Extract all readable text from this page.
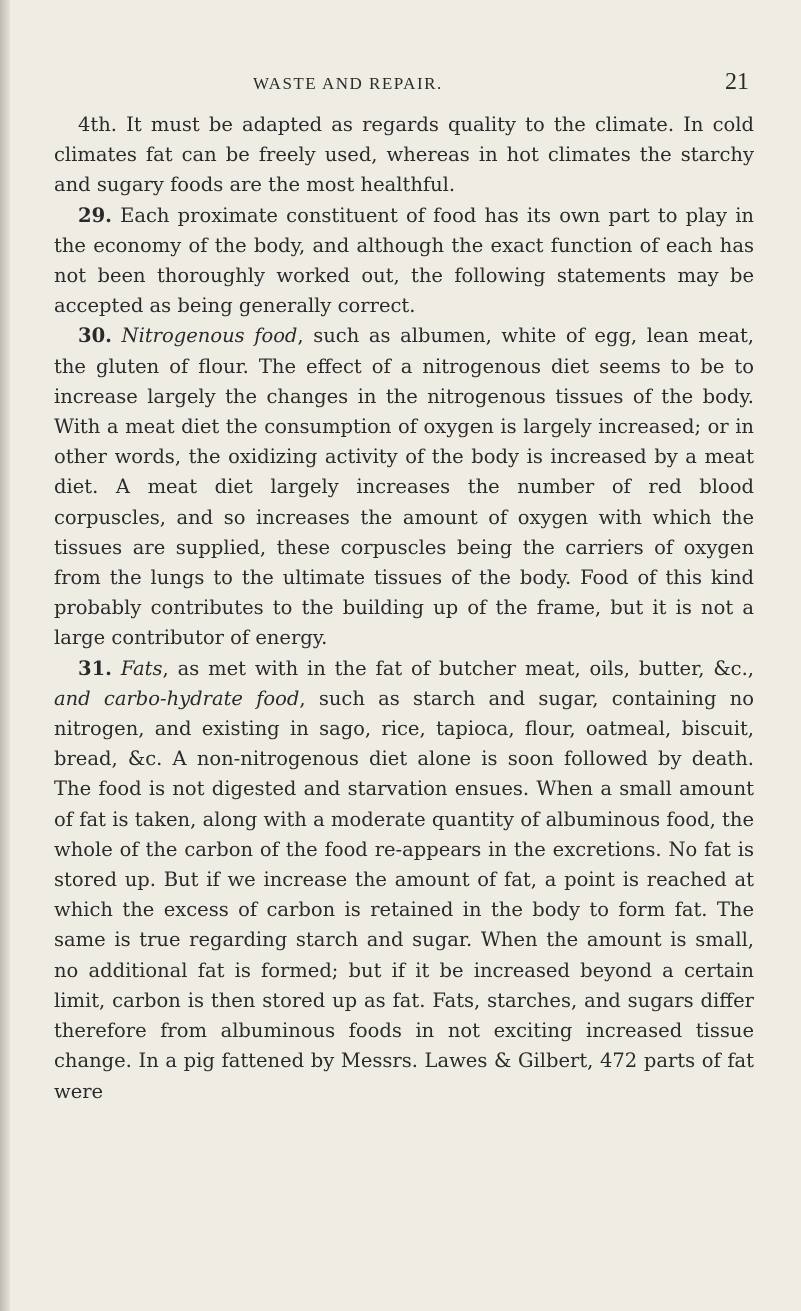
WASTE AND REPAIR.	21

4th. It must be adapted as regards quality to the climate. In cold climates fat can be freely used, whereas in hot climates the starchy and sugary foods are the most healthful.

29. Each proximate constituent of food has its own part to play in the economy of the body, and although the exact function of each has not been thoroughly worked out, the following statements may be accepted as being generally correct.

30. Nitrogenous food, such as albumen, white of egg, lean meat, the gluten of flour. The effect of a nitrogenous diet seems to be to increase largely the changes in the nitrogenous tissues of the body. With a meat diet the consumption of oxygen is largely increased; or in other words, the oxidizing activity of the body is increased by a meat diet. A meat diet largely increases the number of red blood corpuscles, and so increases the amount of oxygen with which the tissues are supplied, these corpuscles being the carriers of oxygen from the lungs to the ultimate tissues of the body. Food of this kind probably contributes to the building up of the frame, but it is not a large contributor of energy.

31. Fats, as met with in the fat of butcher meat, oils, butter, &c., and carbo-hydrate food, such as starch and sugar, containing no nitrogen, and existing in sago, rice, tapioca, flour, oatmeal, biscuit, bread, &c. A non-nitrogenous diet alone is soon followed by death. The food is not digested and starvation ensues. When a small amount of fat is taken, along with a moderate quantity of albuminous food, the whole of the carbon of the food re-appears in the excretions. No fat is stored up. But if we increase the amount of fat, a point is reached at which the excess of carbon is retained in the body to form fat. The same is true regarding starch and sugar. When the amount is small, no additional fat is formed; but if it be increased beyond a certain limit, carbon is then stored up as fat. Fats, starches, and sugars differ therefore from albuminous foods in not exciting increased tissue change. In a pig fattened by Messrs. Lawes & Gilbert, 472 parts of fat were
